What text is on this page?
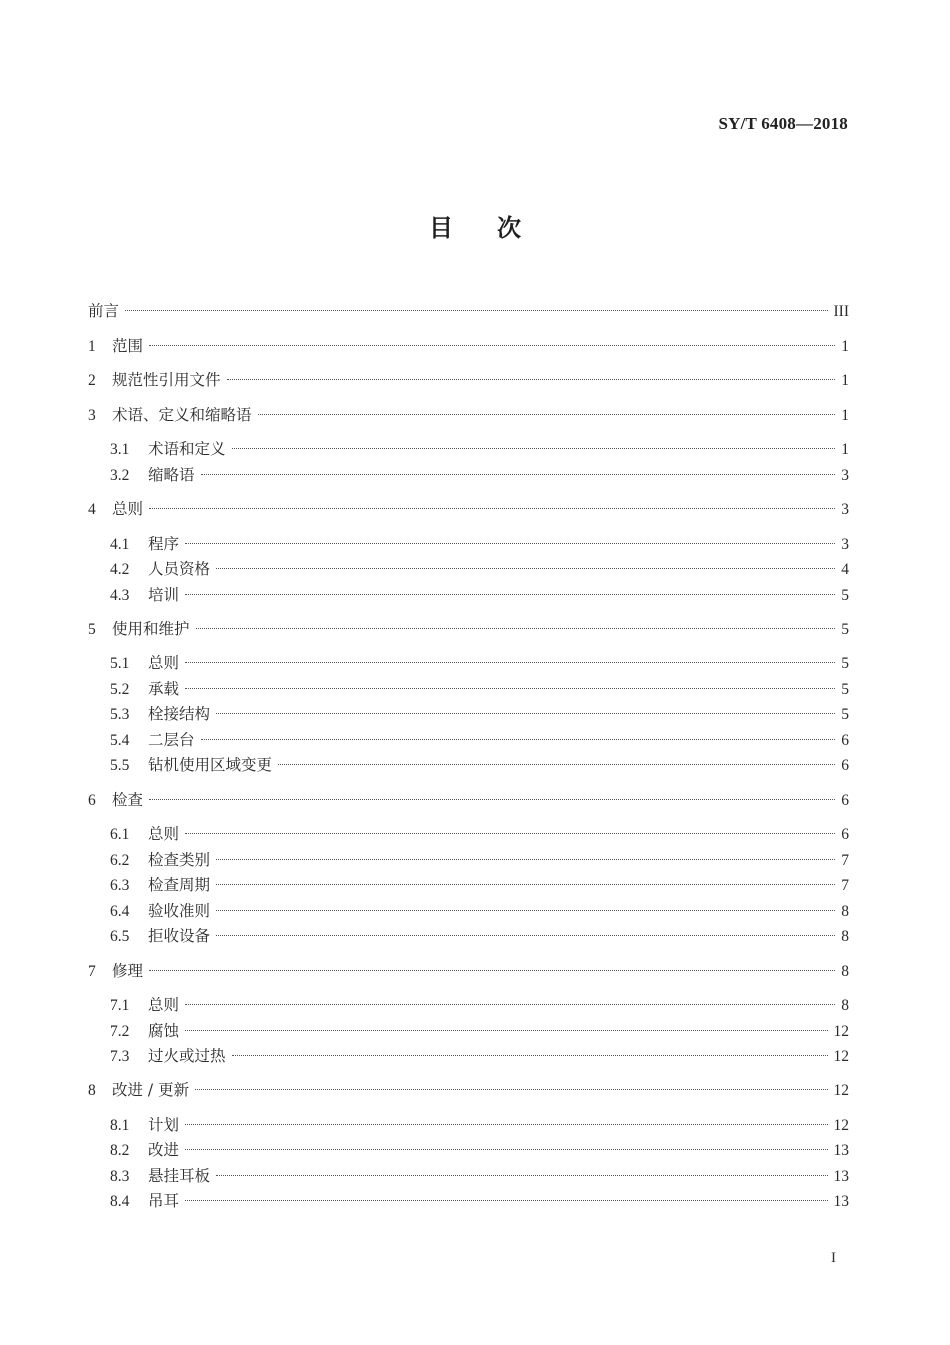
SY/T 6408—2018
目次
前言	III
1	范围	1
2	规范性引用文件	1
3	术语、定义和缩略语	1
3.1	术语和定义	1
3.2	缩略语	3
4	总则	3
4.1	程序	3
4.2	人员资格	4
4.3	培训	5
5	使用和维护	5
5.1	总则	5
5.2	承载	5
5.3	栓接结构	5
5.4	二层台	6
5.5	钻机使用区域变更	6
6	检查	6
6.1	总则	6
6.2	检查类别	7
6.3	检查周期	7
6.4	验收准则	8
6.5	拒收设备	8
7	修理	8
7.1	总则	8
7.2	腐蚀	12
7.3	过火或过热	12
8	改进 / 更新	12
8.1	计划	12
8.2	改进	13
8.3	悬挂耳板	13
8.4	吊耳	13
I
